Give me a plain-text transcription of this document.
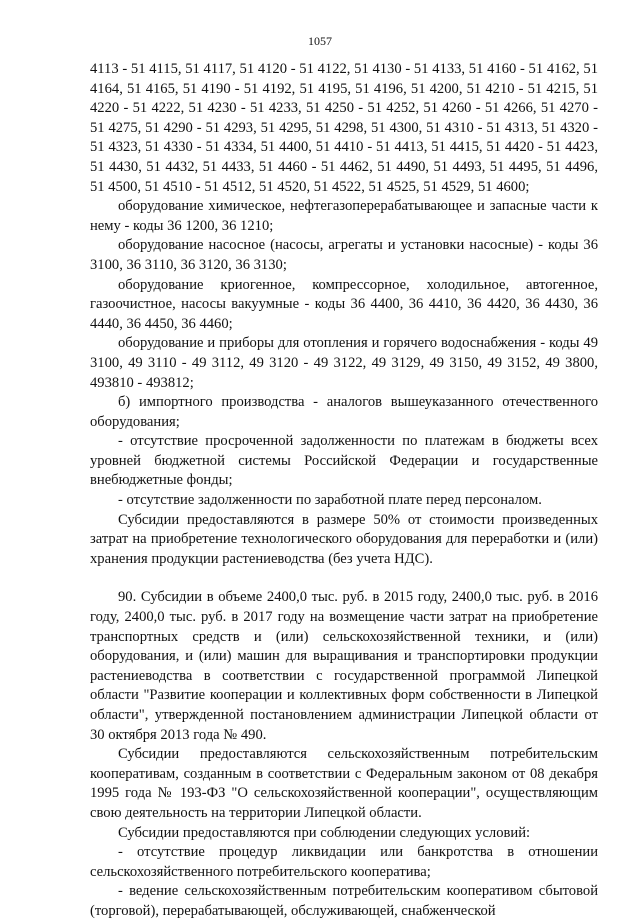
1057

4113 - 51 4115, 51 4117, 51 4120 - 51 4122, 51 4130 - 51 4133, 51 4160 - 51 4162, 51 4164, 51 4165, 51 4190 - 51 4192, 51 4195, 51 4196, 51 4200, 51 4210 - 51 4215, 51 4220 - 51 4222, 51 4230 - 51 4233, 51 4250 - 51 4252, 51 4260 - 51 4266, 51 4270 - 51 4275, 51 4290 - 51 4293, 51 4295, 51 4298, 51 4300, 51 4310 - 51 4313, 51 4320 - 51 4323, 51 4330 - 51 4334, 51 4400, 51 4410 - 51 4413, 51 4415, 51 4420 - 51 4423, 51 4430, 51 4432, 51 4433, 51 4460 - 51 4462, 51 4490, 51 4493, 51 4495, 51 4496, 51 4500, 51 4510 - 51 4512, 51 4520, 51 4522, 51 4525, 51 4529, 51 4600;

оборудование химическое, нефтегазоперерабатывающее и запасные части к нему - коды 36 1200, 36 1210;

оборудование насосное (насосы, агрегаты и установки насосные) - коды 36 3100, 36 3110, 36 3120, 36 3130;

оборудование криогенное, компрессорное, холодильное, автогенное, газоочистное, насосы вакуумные - коды 36 4400, 36 4410, 36 4420, 36 4430, 36 4440, 36 4450, 36 4460;

оборудование и приборы для отопления и горячего водоснабжения - коды 49 3100, 49 3110 - 49 3112, 49 3120 - 49 3122, 49 3129, 49 3150, 49 3152, 49 3800, 493810 - 493812;

б) импортного производства - аналогов вышеуказанного отечественного оборудования;

- отсутствие просроченной задолженности по платежам в бюджеты всех уровней бюджетной системы Российской Федерации и государственные внебюджетные фонды;

- отсутствие задолженности по заработной плате перед персоналом.

Субсидии предоставляются в размере 50% от стоимости произведенных затрат на приобретение технологического оборудования для переработки и (или) хранения продукции растениеводства (без учета НДС).

90. Субсидии в объеме 2400,0 тыс. руб. в 2015 году, 2400,0 тыс. руб. в 2016 году, 2400,0 тыс. руб. в 2017 году на возмещение части затрат на приобретение транспортных средств и (или) сельскохозяйственной техники, и (или) оборудования, и (или) машин для выращивания и транспортировки продукции растениеводства в соответствии с государственной программой Липецкой области "Развитие кооперации и коллективных форм собственности в Липецкой области", утвержденной постановлением администрации Липецкой области от 30 октября 2013 года № 490.

Субсидии предоставляются сельскохозяйственным потребительским кооперативам, созданным в соответствии с Федеральным законом от 08 декабря 1995 года № 193-ФЗ "О сельскохозяйственной кооперации", осуществляющим свою деятельность на территории Липецкой области.

Субсидии предоставляются при соблюдении следующих условий:

- отсутствие процедур ликвидации или банкротства в отношении сельскохозяйственного потребительского кооператива;

- ведение сельскохозяйственным потребительским кооперативом сбытовой (торговой), перерабатывающей, обслуживающей, снабженческой
